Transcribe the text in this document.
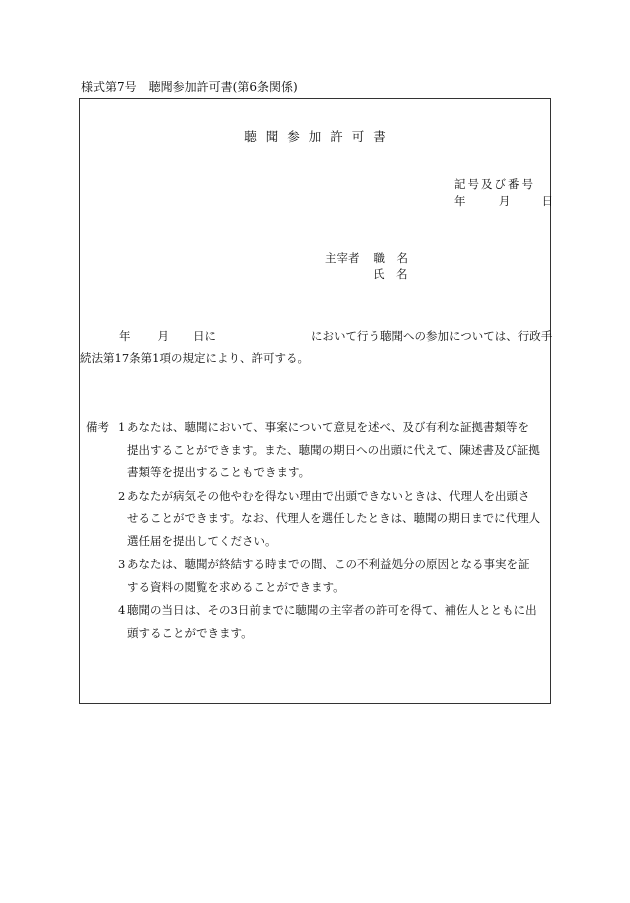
様式第7号　聴聞参加許可書(第6条関係)
聴聞参加許可書
記号及び番号
年	月	日
主宰者 職　名
氏　名
年 月 日に	において行う聴聞への参加については、行政手
続法第17条第1項の規定により、許可する。
備考 1 あなたは、聴聞において、事案について意見を述べ、及び有利な証拠書類等を
提出することができます。また、聴聞の期日への出頭に代えて、陳述書及び証拠
書類等を提出することもできます。
2 あなたが病気その他やむを得ない理由で出頭できないときは、代理人を出頭さ
せることができます。なお、代理人を選任したときは、聴聞の期日までに代理人
選任届を提出してください。
3 あなたは、聴聞が終結する時までの間、この不利益処分の原因となる事実を証
する資料の閲覧を求めることができます。
4 聴聞の当日は、その3日前までに聴聞の主宰者の許可を得て、補佐人とともに出
頭することができます。
